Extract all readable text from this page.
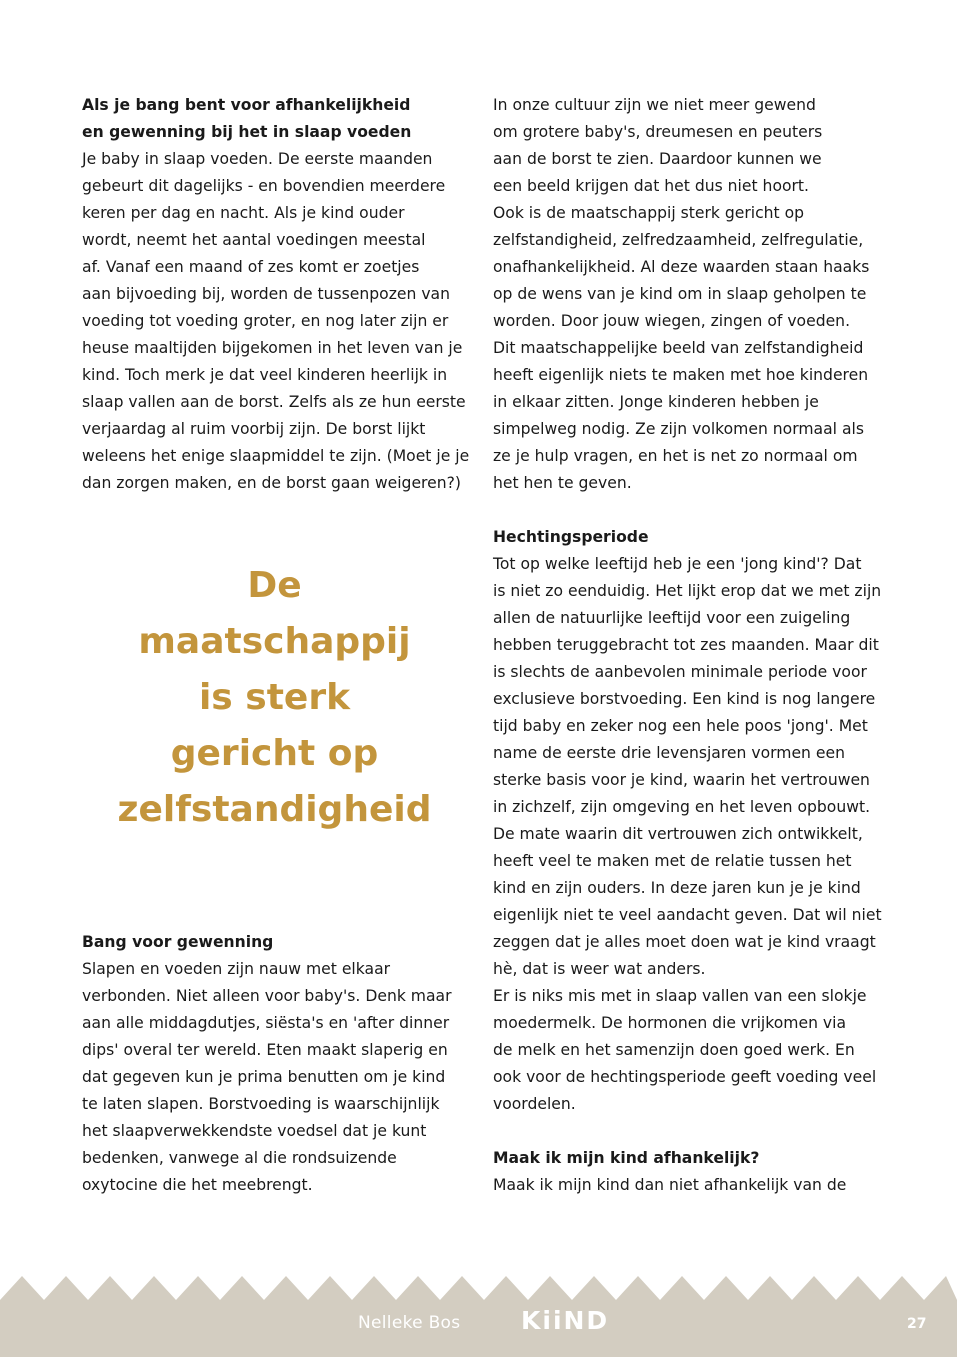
Als je bang bent voor afhankelijkheid
en gewenning bij het in slaap voeden
Je baby in slaap voeden. De eerste maanden
gebeurt dit dagelijks - en bovendien meerdere
keren per dag en nacht. Als je kind ouder
wordt, neemt het aantal voedingen meestal
af. Vanaf een maand of zes komt er zoetjes
aan bijvoeding bij, worden de tussenpozen van
voeding tot voeding groter, en nog later zijn er
heuse maaltijden bijgekomen in het leven van je
kind. Toch merk je dat veel kinderen heerlijk in
slaap vallen aan de borst. Zelfs als ze hun eerste
verjaardag al ruim voorbij zijn. De borst lijkt
weleens het enige slaapmiddel te zijn. (Moet je je
dan zorgen maken, en de borst gaan weigeren?)
De
maatschappij
is sterk
gericht op
zelfstandigheid
Bang voor gewenning
Slapen en voeden zijn nauw met elkaar
verbonden. Niet alleen voor baby's. Denk maar
aan alle middagdutjes, siësta's en 'after dinner
dips' overal ter wereld. Eten maakt slaperig en
dat gegeven kun je prima benutten om je kind
te laten slapen. Borstvoeding is waarschijnlijk
het slaapverwekkendste voedsel dat je kunt
bedenken, vanwege al die rondsuizende
oxytocine die het meebrengt.
In onze cultuur zijn we niet meer gewend
om grotere baby's, dreumesen en peuters
aan de borst te zien. Daardoor kunnen we
een beeld krijgen dat het dus niet hoort.
Ook is de maatschappij sterk gericht op
zelfstandigheid, zelfredzaamheid, zelfregulatie,
onafhankelijkheid. Al deze waarden staan haaks
op de wens van je kind om in slaap geholpen te
worden. Door jouw wiegen, zingen of voeden.
Dit maatschappelijke beeld van zelfstandigheid
heeft eigenlijk niets te maken met hoe kinderen
in elkaar zitten. Jonge kinderen hebben je
simpelweg nodig. Ze zijn volkomen normaal als
ze je hulp vragen, en het is net zo normaal om
het hen te geven.
Hechtingsperiode
Tot op welke leeftijd heb je een 'jong kind'? Dat
is niet zo eenduidig. Het lijkt erop dat we met zijn
allen de natuurlijke leeftijd voor een zuigeling
hebben teruggebracht tot zes maanden. Maar dit
is slechts de aanbevolen minimale periode voor
exclusieve borstvoeding. Een kind is nog langere
tijd baby en zeker nog een hele poos 'jong'. Met
name de eerste drie levensjaren vormen een
sterke basis voor je kind, waarin het vertrouwen
in zichzelf, zijn omgeving en het leven opbouwt.
De mate waarin dit vertrouwen zich ontwikkelt,
heeft veel te maken met de relatie tussen het
kind en zijn ouders. In deze jaren kun je je kind
eigenlijk niet te veel aandacht geven. Dat wil niet
zeggen dat je alles moet doen wat je kind vraagt
hè, dat is weer wat anders.
Er is niks mis met in slaap vallen van een slokje
moedermelk. De hormonen die vrijkomen via
de melk en het samenzijn doen goed werk. En
ook voor de hechtingsperiode geeft voeding veel
voordelen.
Maak ik mijn kind afhankelijk?
Maak ik mijn kind dan niet afhankelijk van de
Nelleke Bos KiiND	27
